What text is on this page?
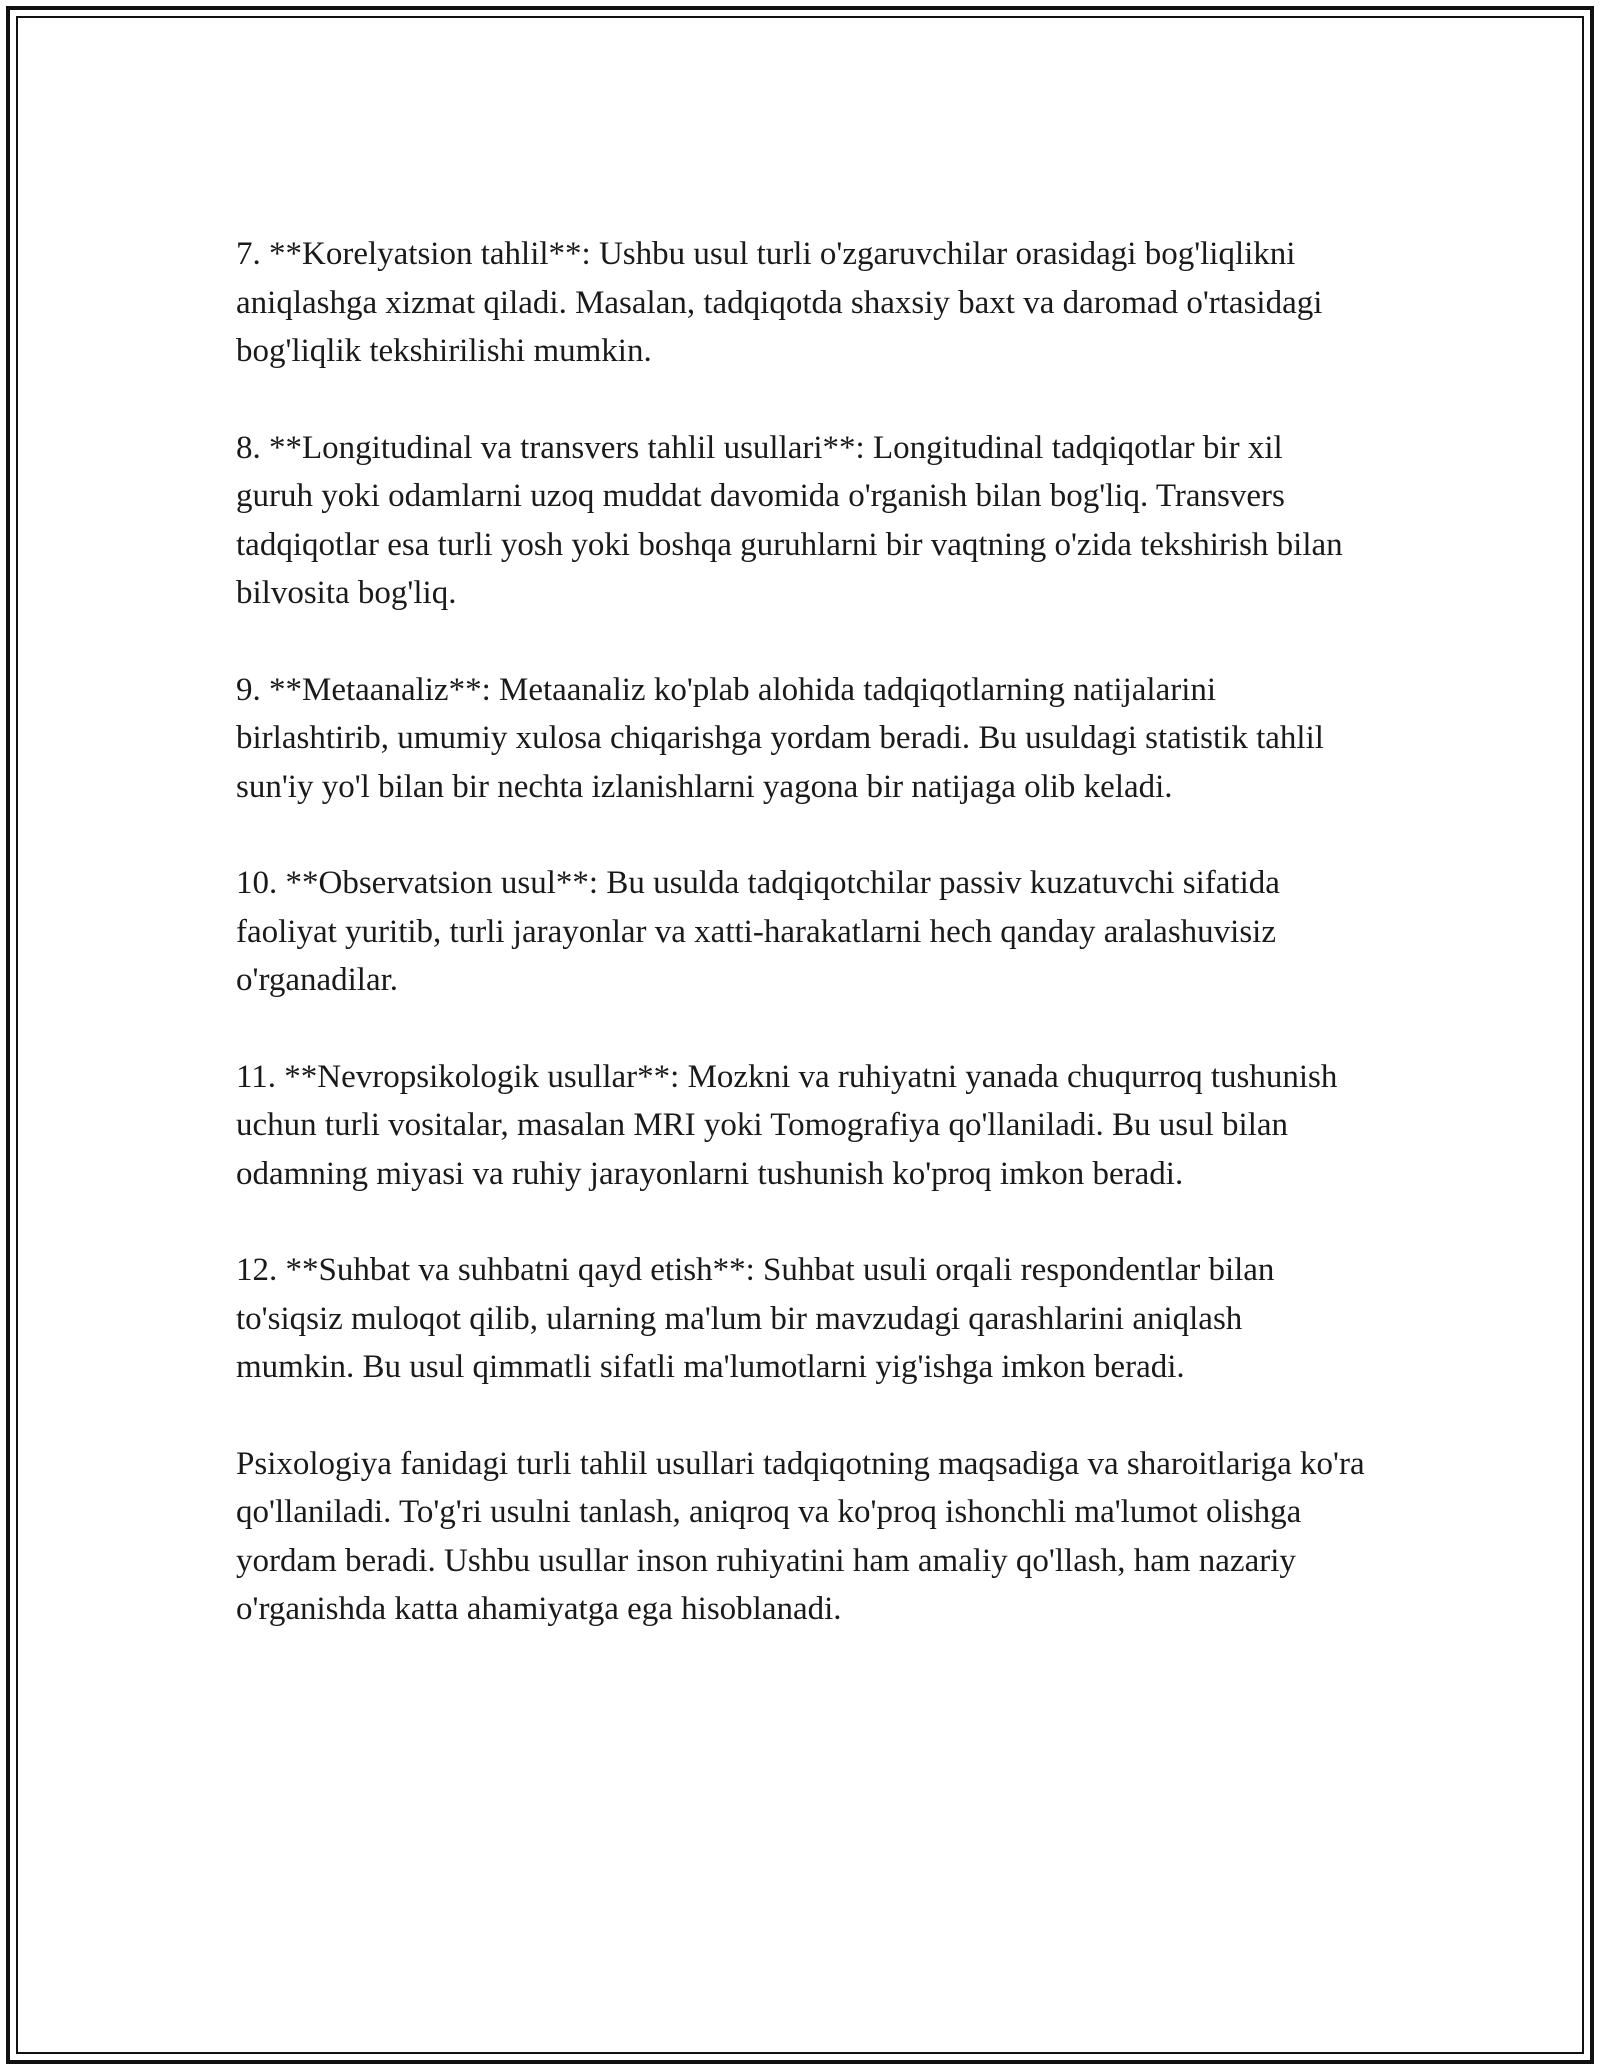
7. **Korelyatsion tahlil**: Ushbu usul turli o'zgaruvchilar orasidagi bog'liqlikni aniqlashga xizmat qiladi. Masalan, tadqiqotda shaxsiy baxt va daromad o'rtasidagi bog'liqlik tekshirilishi mumkin.

8. **Longitudinal va transvers tahlil usullari**: Longitudinal tadqiqotlar bir xil guruh yoki odamlarni uzoq muddat davomida o'rganish bilan bog'liq. Transvers tadqiqotlar esa turli yosh yoki boshqa guruhlarni bir vaqtning o'zida tekshirish bilan bilvosita bog'liq.

9. **Metaanaliz**: Metaanaliz ko'plab alohida tadqiqotlarning natijalarini birlashtirib, umumiy xulosa chiqarishga yordam beradi. Bu usuldagi statistik tahlil sun'iy yo'l bilan bir nechta izlanishlarni yagona bir natijaga olib keladi.

10. **Observatsion usul**: Bu usulda tadqiqotchilar passiv kuzatuvchi sifatida faoliyat yuritib, turli jarayonlar va xatti-harakatlarni hech qanday aralashuvisiz o'rganadilar.

11. **Nevropsikologik usullar**: Mozkni va ruhiyatni yanada chuqurroq tushunish uchun turli vositalar, masalan MRI yoki Tomografiya qo'llaniladi. Bu usul bilan odamning miyasi va ruhiy jarayonlarni tushunish ko'proq imkon beradi.

12. **Suhbat va suhbatni qayd etish**: Suhbat usuli orqali respondentlar bilan to'siqsiz muloqot qilib, ularning ma'lum bir mavzudagi qarashlarini aniqlash mumkin. Bu usul qimmatli sifatli ma'lumotlarni yig'ishga imkon beradi.

Psixologiya fanidagi turli tahlil usullari tadqiqotning maqsadiga va sharoitlariga ko'ra qo'llaniladi. To'g'ri usulni tanlash, aniqroq va ko'proq ishonchli ma'lumot olishga yordam beradi. Ushbu usullar inson ruhiyatini ham amaliy qo'llash, ham nazariy o'rganishda katta ahamiyatga ega hisoblanadi.
